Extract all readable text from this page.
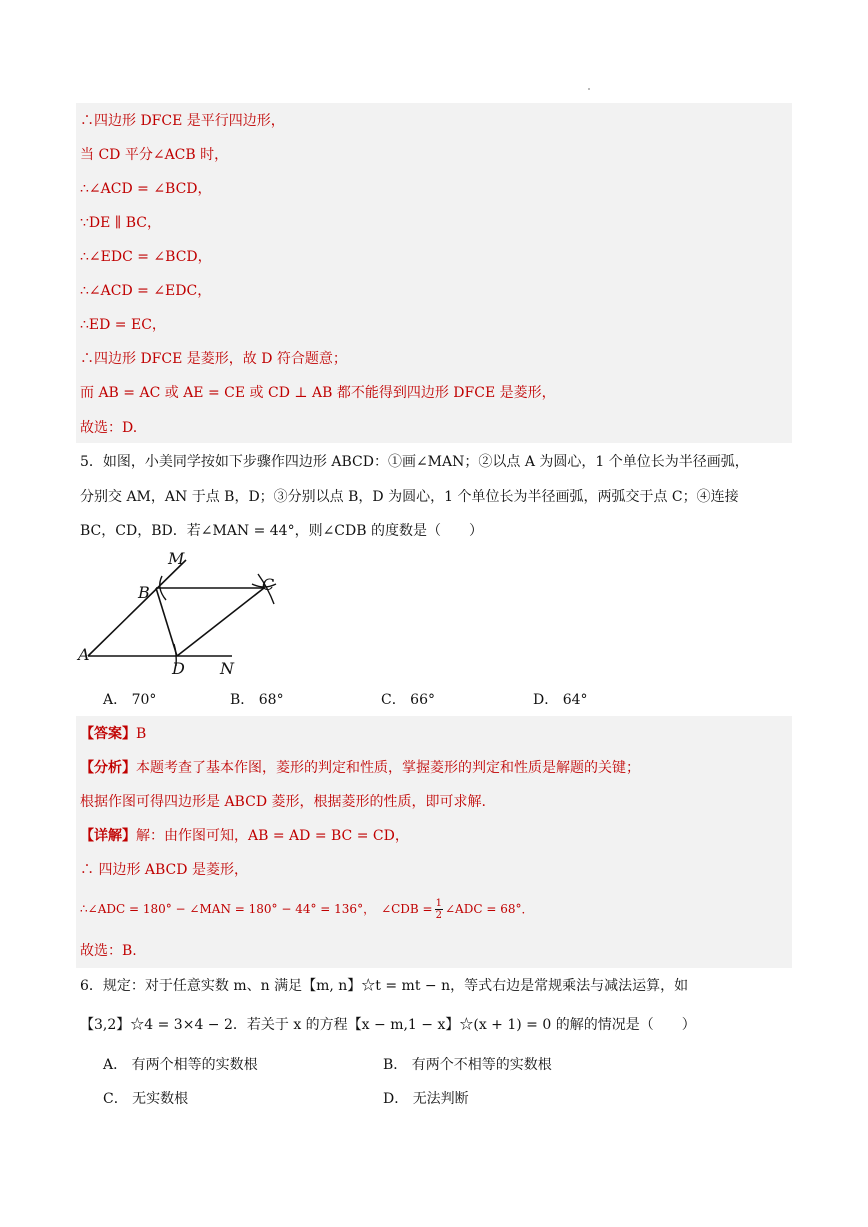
∴四边形 DFCE 是平行四边形，
当 CD 平分∠ACB 时，
∴∠ACD = ∠BCD，
∵DE ∥ BC，
∴∠EDC = ∠BCD，
∴∠ACD = ∠EDC，
∴ED = EC，
∴四边形 DFCE 是菱形，故 D 符合题意；
而 AB = AC 或 AE = CE 或 CD ⊥ AB 都不能得到四边形 DFCE 是菱形，
故选：D.
5．如图，小美同学按如下步骤作四边形 ABCD：①画∠MAN；②以点 A 为圆心，1 个单位长为半径画弧，
分别交 AM，AN 于点 B，D；③分别以点 B，D 为圆心，1 个单位长为半径画弧，两弧交于点 C；④连接
BC，CD，BD．若∠MAN = 44°，则∠CDB 的度数是（　　）
M
B	C
A
D N
A． 70°	B． 68°	C． 66°	D． 64°
【答案】B
【分析】本题考查了基本作图，菱形的判定和性质，掌握菱形的判定和性质是解题的关键；
根据作图可得四边形是 ABCD 菱形，根据菱形的性质，即可求解.
【详解】解：由作图可知，AB = AD = BC = CD，
∴ 四边形 ABCD 是菱形，
∴∠ADC = 180° − ∠MAN = 180° − 44° = 136°，　∠CDB = $\frac{1}{2}$ ∠ADC = 68°．
故选：B.
6．规定：对于任意实数 m、n 满足【m, n】☆t = mt − n，等式右边是常规乘法与减法运算，如
【3,2】☆4 = 3×4 − 2．若关于 x 的方程【x − m,1 − x】☆(x + 1) = 0 的解的情况是（　　）
A． 有两个相等的实数根	B． 有两个不相等的实数根
C． 无实数根	D． 无法判断
